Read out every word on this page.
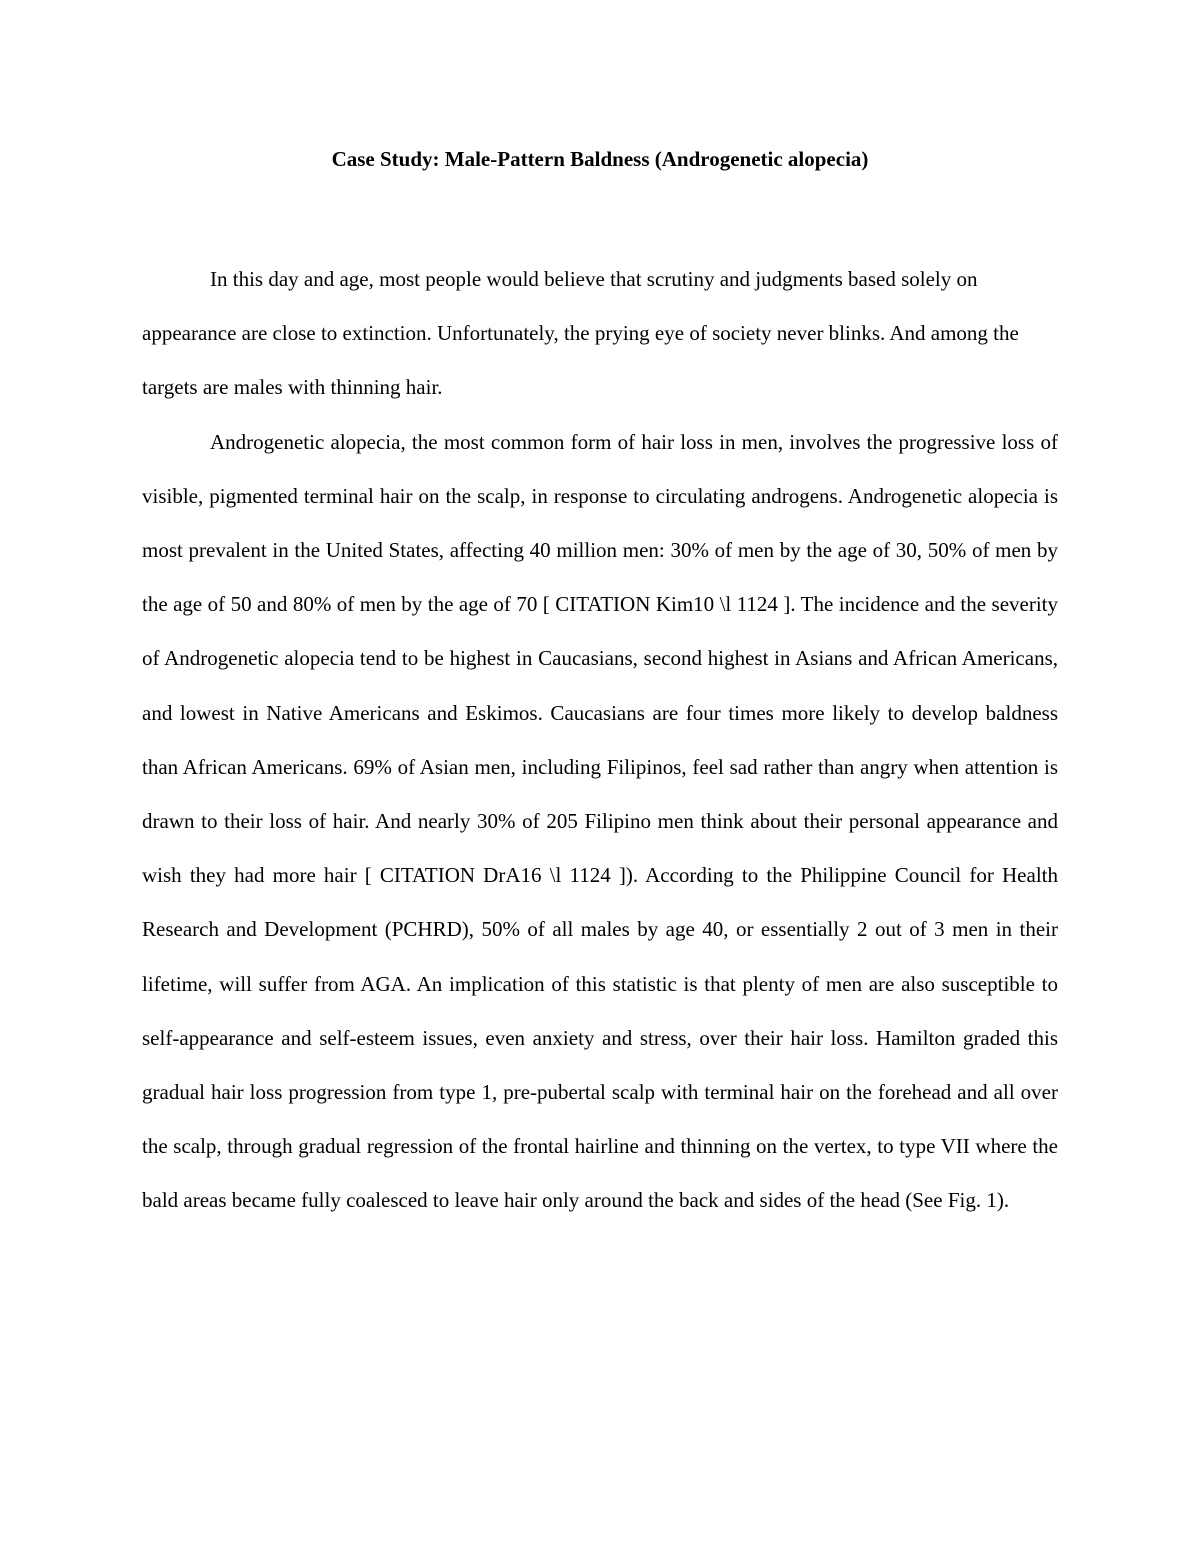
Case Study: Male-Pattern Baldness (Androgenetic alopecia)

In this day and age, most people would believe that scrutiny and judgments based solely on appearance are close to extinction. Unfortunately, the prying eye of society never blinks. And among the targets are males with thinning hair.

Androgenetic alopecia, the most common form of hair loss in men, involves the progressive loss of visible, pigmented terminal hair on the scalp, in response to circulating androgens. Androgenetic alopecia is most prevalent in the United States, affecting 40 million men: 30% of men by the age of 30, 50% of men by the age of 50 and 80% of men by the age of 70 [ CITATION Kim10 \l 1124 ]. The incidence and the severity of Androgenetic alopecia tend to be highest in Caucasians, second highest in Asians and African Americans, and lowest in Native Americans and Eskimos. Caucasians are four times more likely to develop baldness than African Americans. 69% of Asian men, including Filipinos, feel sad rather than angry when attention is drawn to their loss of hair. And nearly 30% of 205 Filipino men think about their personal appearance and wish they had more hair [ CITATION DrA16 \l 1124 ]). According to the Philippine Council for Health Research and Development (PCHRD), 50% of all males by age 40, or essentially 2 out of 3 men in their lifetime, will suffer from AGA. An implication of this statistic is that plenty of men are also susceptible to self-appearance and self-esteem issues, even anxiety and stress, over their hair loss. Hamilton graded this gradual hair loss progression from type 1, pre-pubertal scalp with terminal hair on the forehead and all over the scalp, through gradual regression of the frontal hairline and thinning on the vertex, to type VII where the bald areas became fully coalesced to leave hair only around the back and sides of the head (See Fig. 1).
